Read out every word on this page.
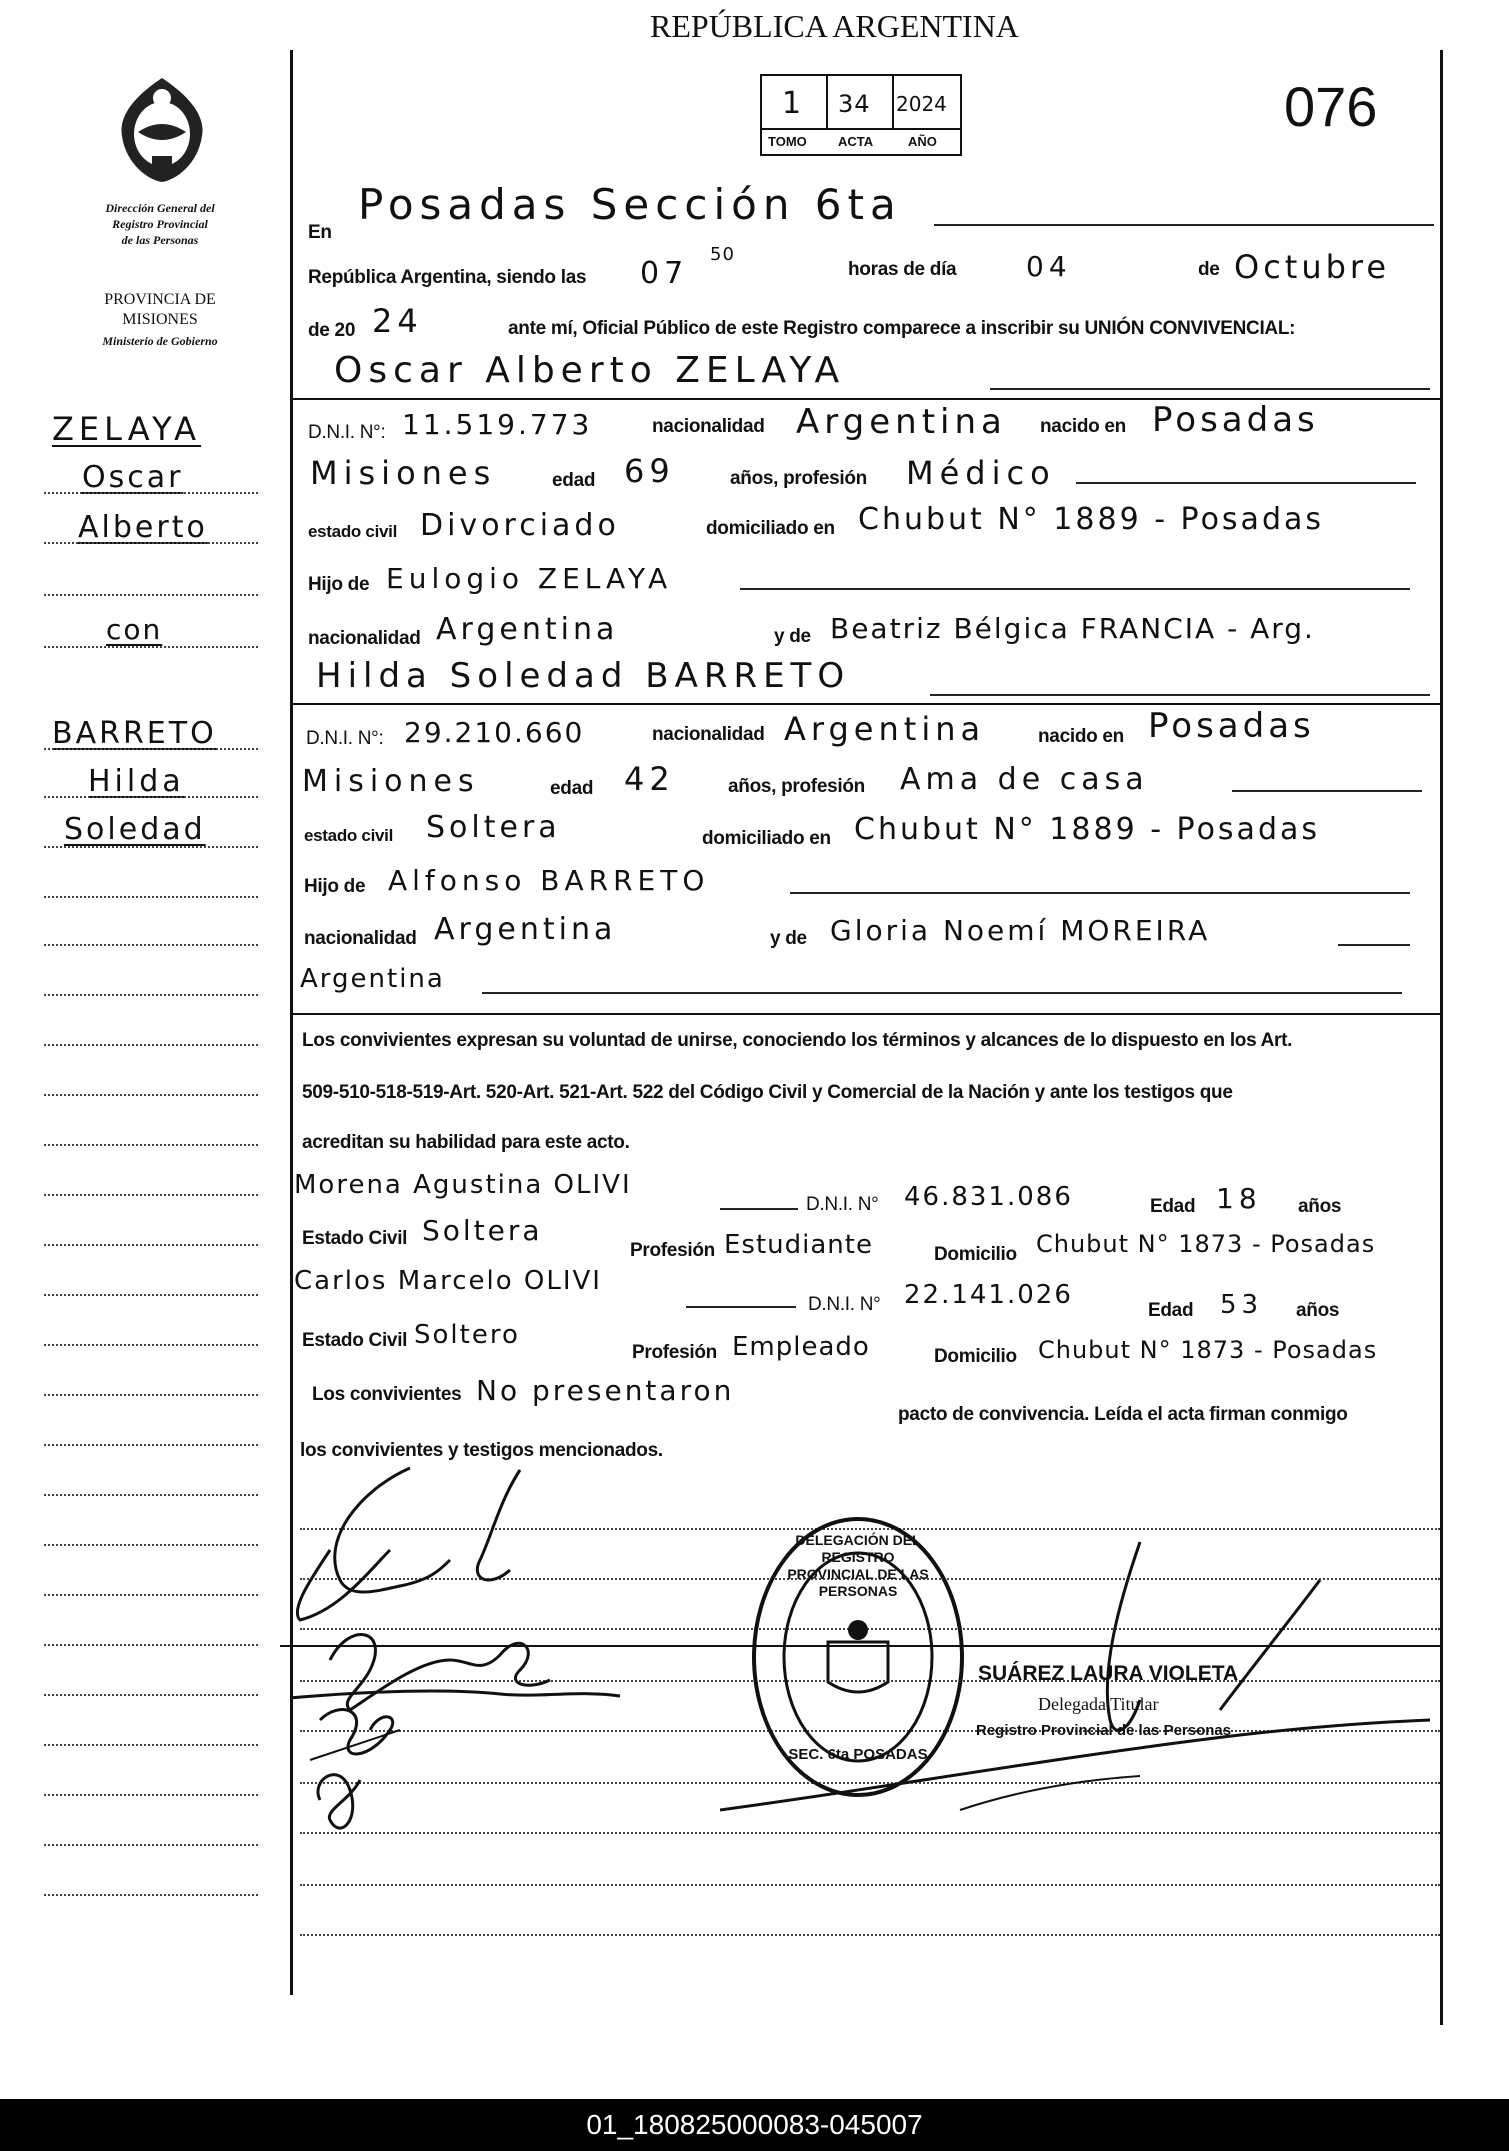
REPÚBLICA ARGENTINA
1 34 2024
TOMO ACTA	AÑO
076
Dirección General del
Registro Provincial
de las Personas
PROVINCIA DE
MISIONES
Ministerio de Gobierno
ZELAYA
Oscar
Alberto
con
BARRETO
Hilda
Soledad
En
Posadas Sección 6ta
República Argentina, siendo las 07
50
horas de día 04	de Octubre
de 20 24	ante mí, Oficial Público de este Registro comparece a inscribir su UNIÓN CONVIVENCIAL:
Oscar Alberto ZELAYA
D.N.I. N°: 11.519.773	nacionalidad Argentina nacido en Posadas
Misiones	edad 69	años, profesión Médico
estado civil Divorciado	domiciliado en Chubut N° 1889 - Posadas
Hijo de Eulogio ZELAYA
nacionalidad Argentina	y de Beatriz Bélgica FRANCIA - Arg.
Hilda Soledad BARRETO
D.N.I. N°: 29.210.660	nacionalidad Argentina	nacido en Posadas
Misiones	edad 42	años, profesión Ama de casa
estado civil Soltera	domiciliado en Chubut N° 1889 - Posadas
Hijo de Alfonso BARRETO
nacionalidad Argentina	y de Gloria Noemí MOREIRA
Argentina
Los convivientes expresan su voluntad de unirse, conociendo los términos y alcances de lo dispuesto en los Art.
509-510-518-519-Art. 520-Art. 521-Art. 522 del Código Civil y Comercial de la Nación y ante los testigos que
acreditan su habilidad para este acto.
Morena Agustina OLIVI
D.N.I. N° 46.831.086	Edad 18 años
Estado Civil Soltera
Profesión Estudiante	Domicilio Chubut N° 1873 - Posadas
Carlos Marcelo OLIVI
D.N.I. N° 22.141.026
Edad 53 años
Estado Civil Soltero
Profesión Empleado	Domicilio Chubut N° 1873 - Posadas
Los convivientes No presentaron
pacto de convivencia. Leída el acta firman conmigo
los convivientes y testigos mencionados.
DELEGACIÓN DEL REGISTRO PROVINCIAL DE LAS PERSONAS
SEC. 6ta POSADAS
SUÁREZ LAURA VIOLETA
Delegada Titular
Registro Provincial de las Personas
01_180825000083-045007
